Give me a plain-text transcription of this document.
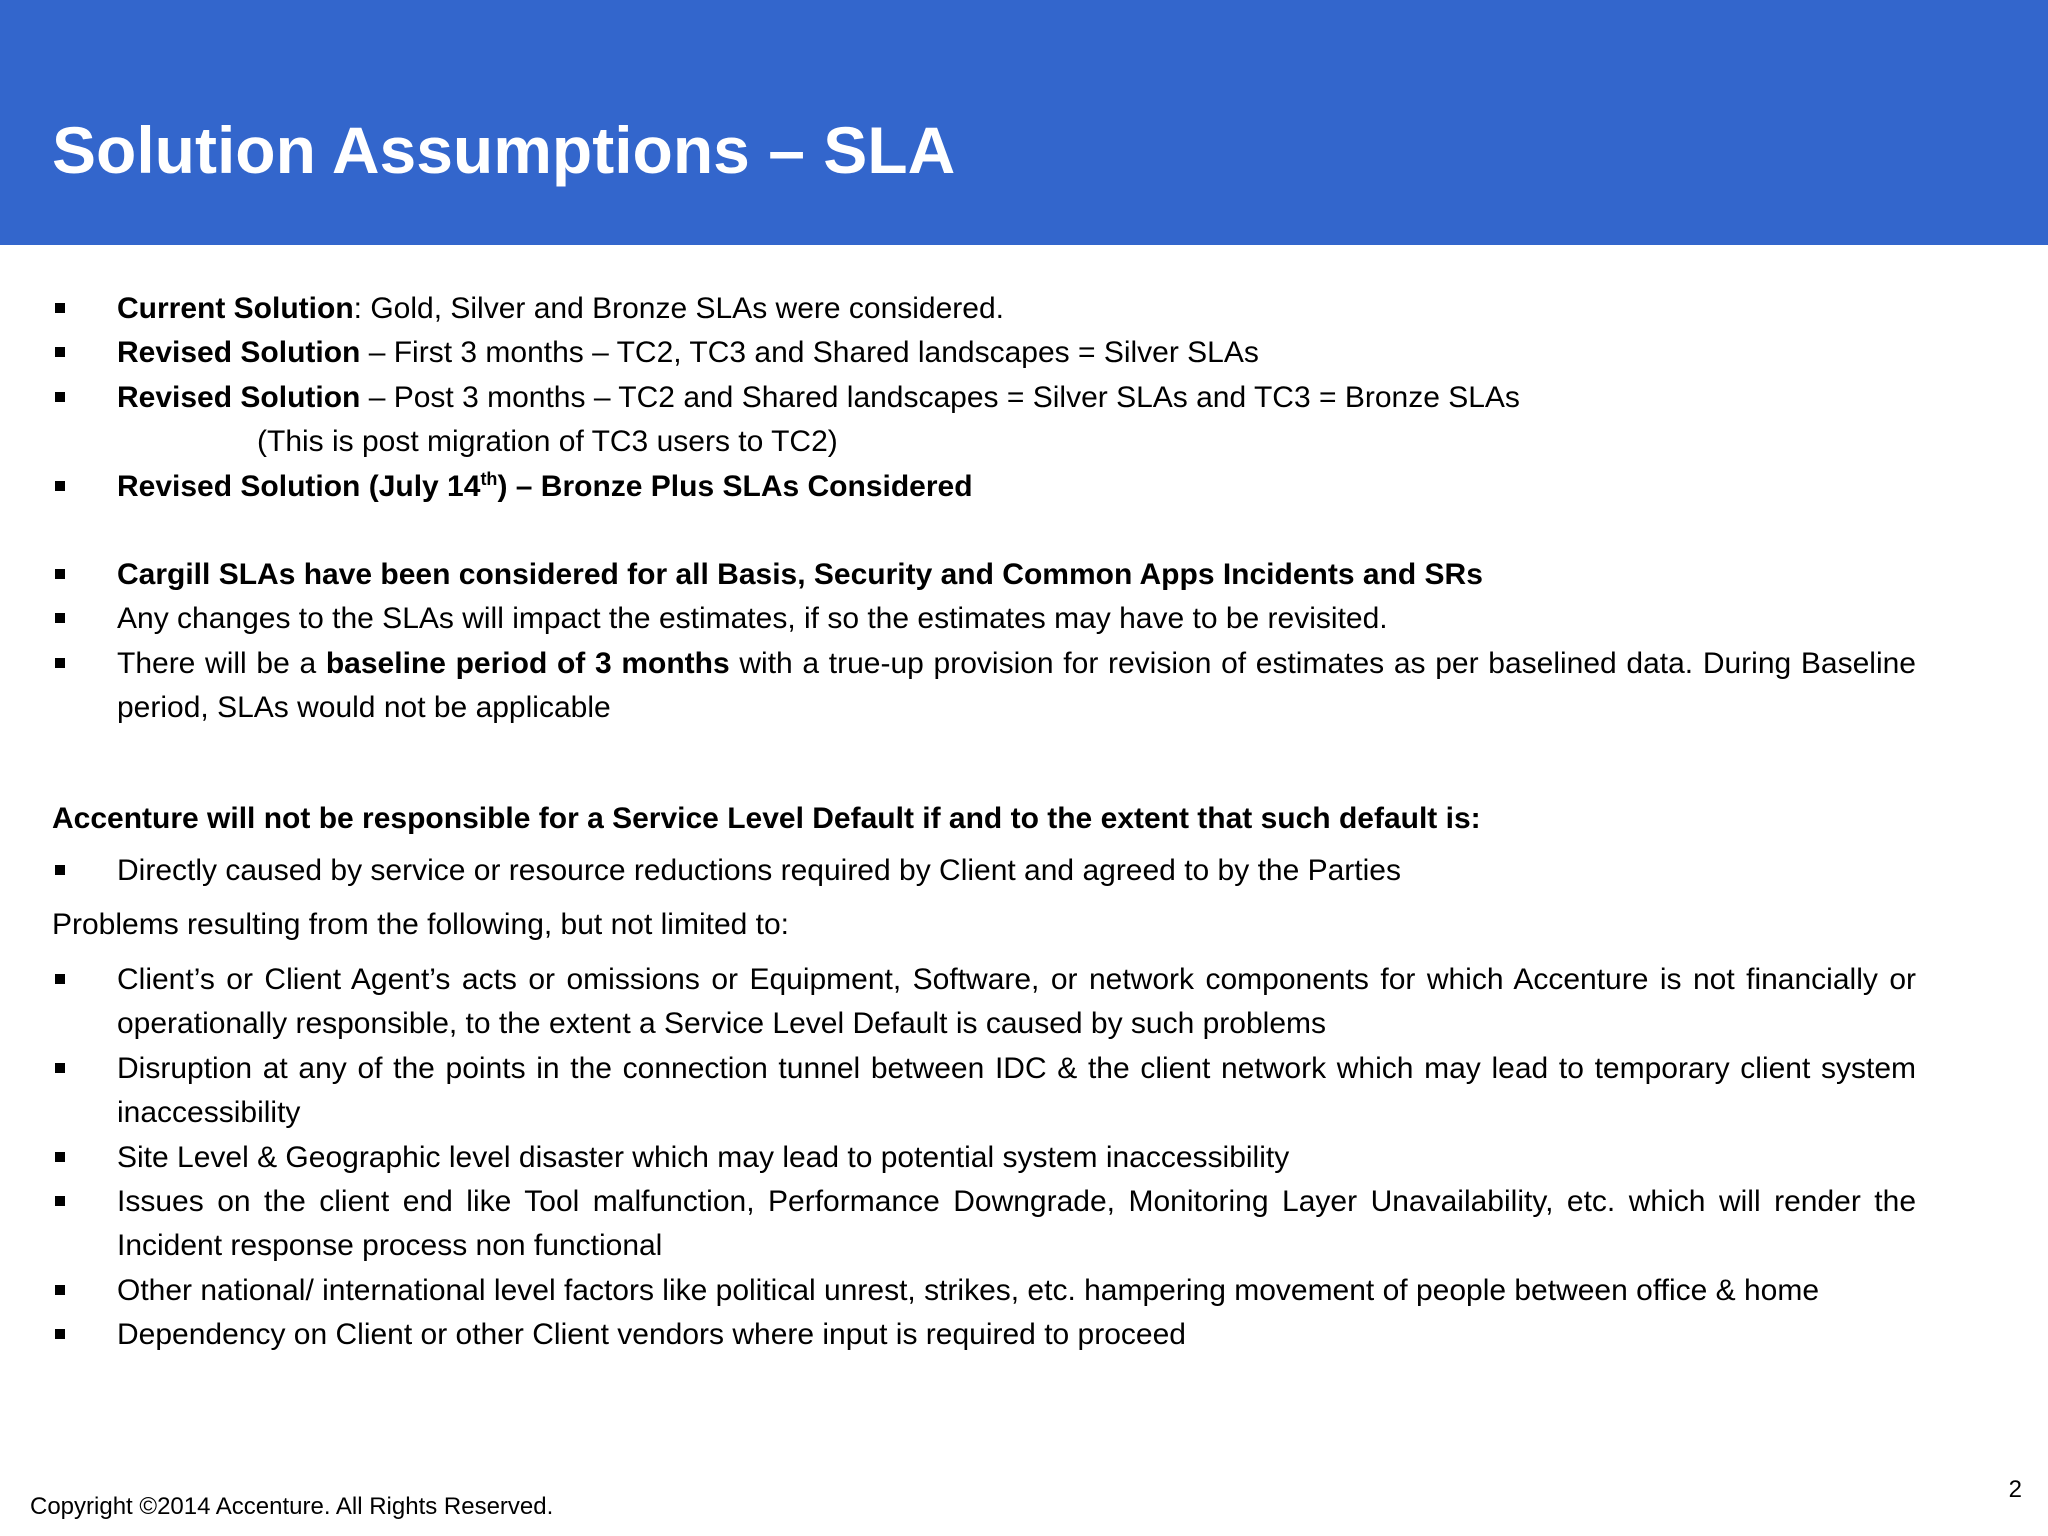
Solution Assumptions – SLA
Current Solution: Gold, Silver and Bronze SLAs were considered.
Revised Solution – First 3 months – TC2, TC3 and Shared landscapes = Silver SLAs
Revised Solution – Post 3 months – TC2 and Shared landscapes = Silver SLAs and TC3 = Bronze SLAs
(This is post migration of TC3 users to TC2)
Revised Solution (July 14th) – Bronze Plus SLAs Considered
Cargill SLAs have been considered for all Basis, Security and Common Apps Incidents and SRs
Any changes to the SLAs will impact the estimates, if so the estimates may have to be revisited.
There will be a baseline period of 3 months with a true-up provision for revision of estimates as per baselined data. During Baseline period, SLAs would not be applicable

Accenture will not be responsible for a Service Level Default if and to the extent that such default is:

Directly caused by service or resource reductions required by Client and agreed to by the Parties

Problems resulting from the following, but not limited to:

Client’s or Client Agent’s acts or omissions or Equipment, Software, or network components for which Accenture is not financially or operationally responsible, to the extent a Service Level Default is caused by such problems
Disruption at any of the points in the connection tunnel between IDC & the client network which may lead to temporary client system inaccessibility
Site Level & Geographic level disaster which may lead to potential system inaccessibility
Issues on the client end like Tool malfunction, Performance Downgrade, Monitoring Layer Unavailability, etc. which will render the Incident response process non functional
Other national/ international level factors like political unrest, strikes, etc. hampering movement of people between office & home
Dependency on Client or other Client vendors where input is required to proceed
Copyright ©2014 Accenture. All Rights Reserved.
2
